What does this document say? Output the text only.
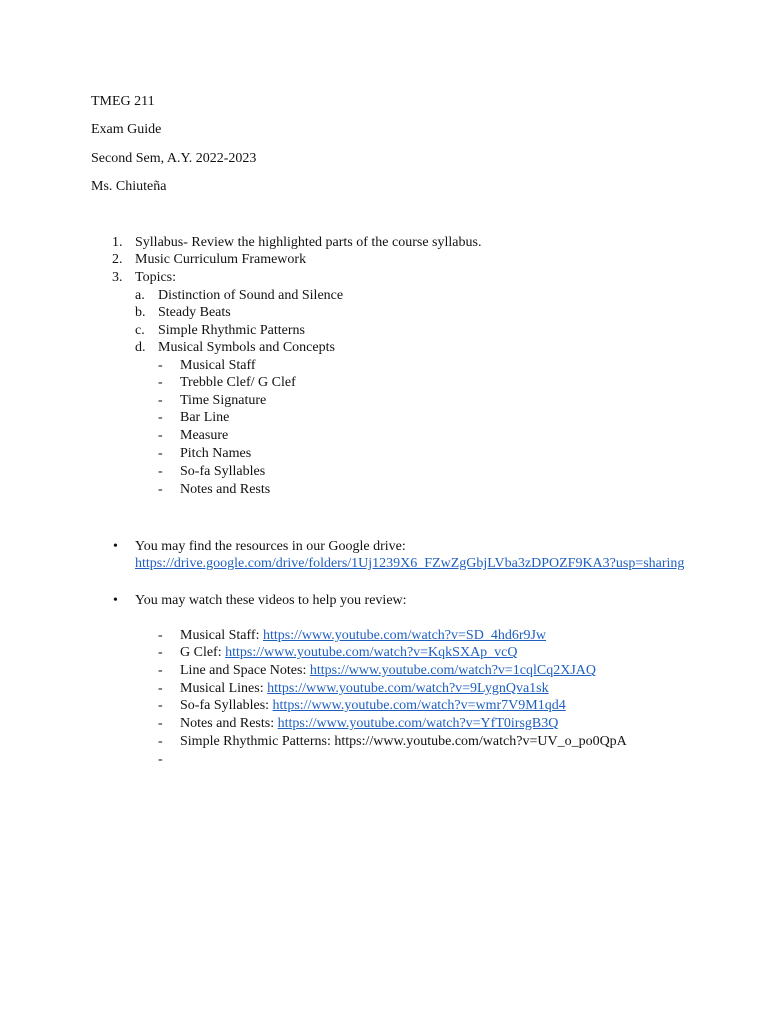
TMEG 211
Exam Guide
Second Sem, A.Y. 2022-2023
Ms. Chiuteña
1. Syllabus- Review the highlighted parts of the course syllabus.
2. Music Curriculum Framework
3. Topics:
a. Distinction of Sound and Silence
b. Steady Beats
c. Simple Rhythmic Patterns
d. Musical Symbols and Concepts
- Musical Staff
- Trebble Clef/ G Clef
- Time Signature
- Bar Line
- Measure
- Pitch Names
- So-fa Syllables
- Notes and Rests
• You may find the resources in our Google drive:
https://drive.google.com/drive/folders/1Uj1239X6_FZwZgGbjLVba3zDPOZF9KA3?usp=sharing
• You may watch these videos to help you review:
- Musical Staff: https://www.youtube.com/watch?v=SD_4hd6r9Jw
- G Clef: https://www.youtube.com/watch?v=KqkSXAp_vcQ
- Line and Space Notes: https://www.youtube.com/watch?v=1cqlCq2XJAQ
- Musical Lines: https://www.youtube.com/watch?v=9LygnQva1sk
- So-fa Syllables: https://www.youtube.com/watch?v=wmr7V9M1qd4
- Notes and Rests: https://www.youtube.com/watch?v=YfT0irsgB3Q
- Simple Rhythmic Patterns: https://www.youtube.com/watch?v=UV_o_po0QpA
-
